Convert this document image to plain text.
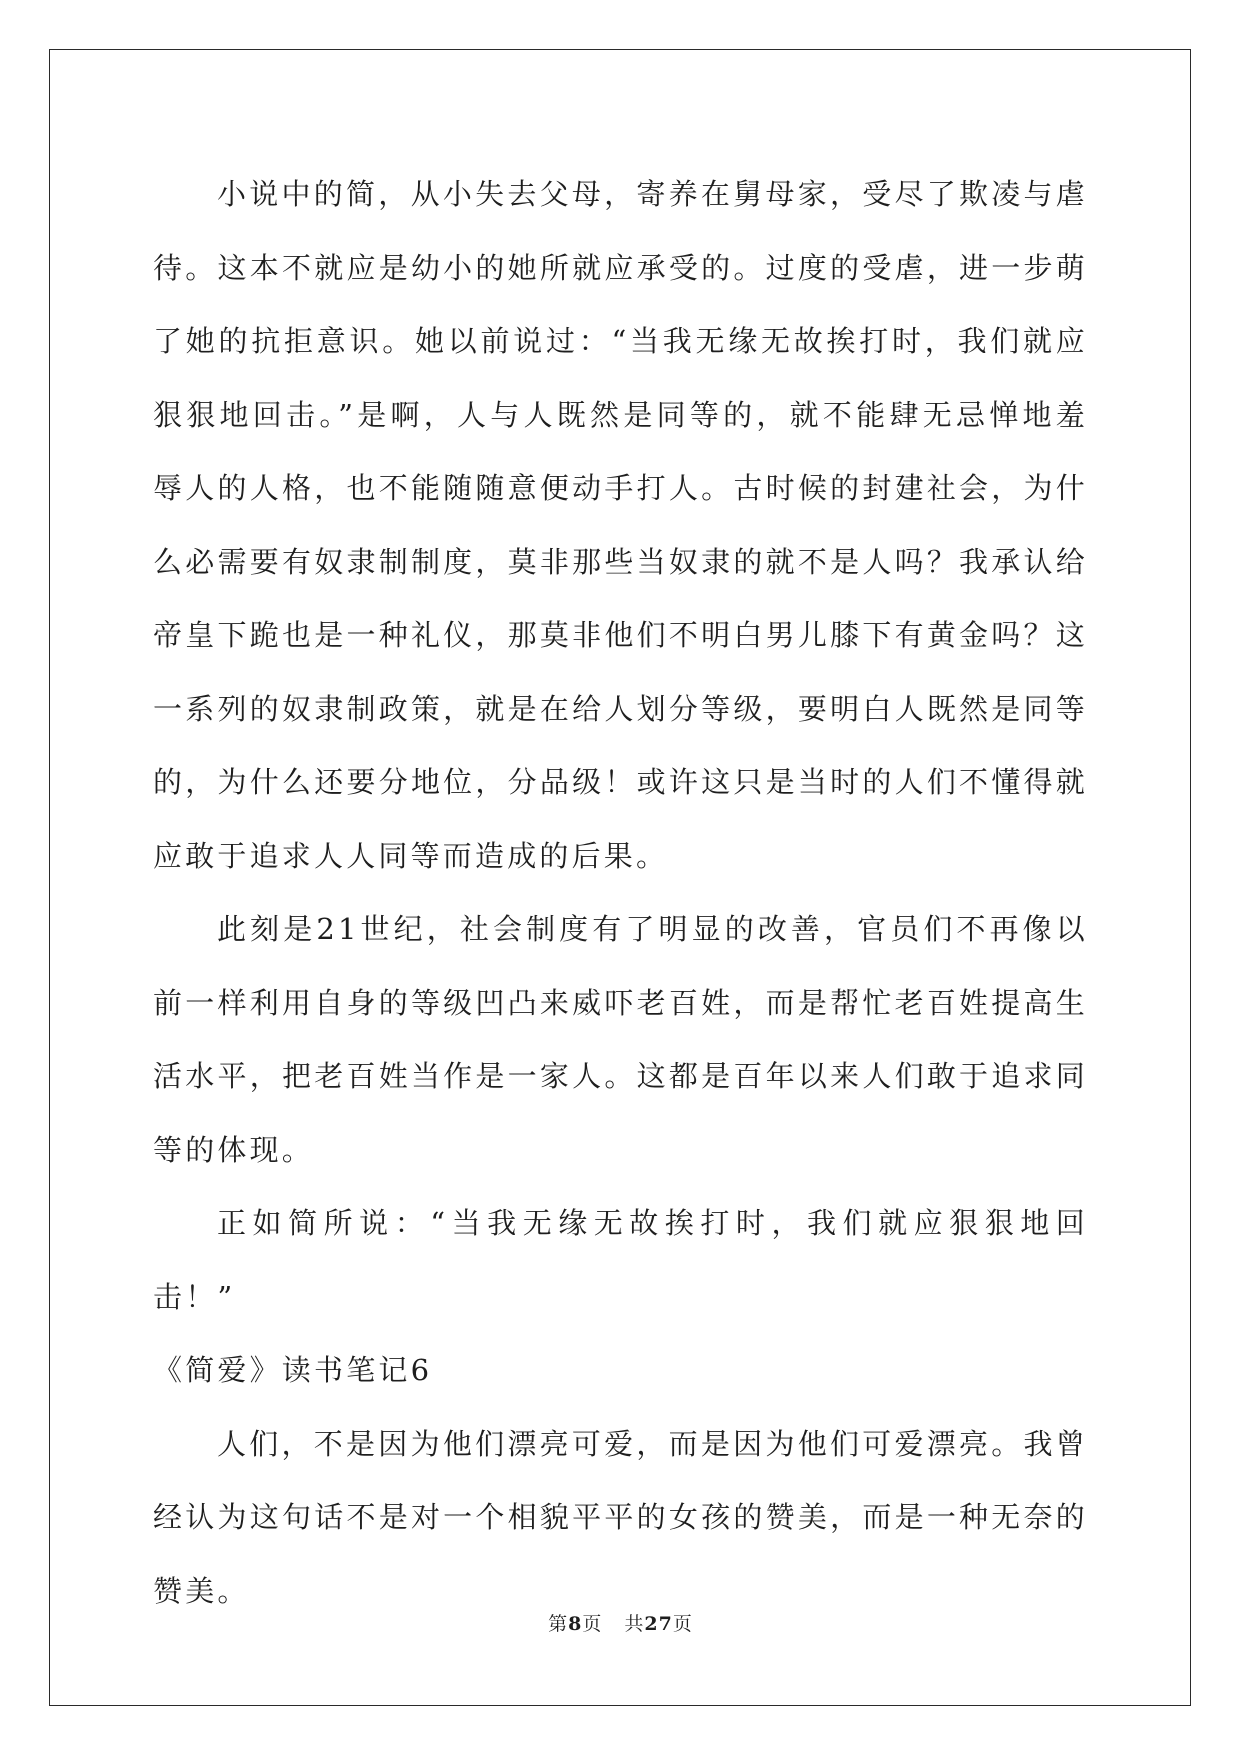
小说中的简，从小失去父母，寄养在舅母家，受尽了欺凌与虐待。这本不就应是幼小的她所就应承受的。过度的受虐，进一步萌了她的抗拒意识。她以前说过：“当我无缘无故挨打时，我们就应狠狠地回击。”是啊，人与人既然是同等的，就不能肆无忌惮地羞辱人的人格，也不能随随意便动手打人。古时候的封建社会，为什么必需要有奴隶制制度，莫非那些当奴隶的就不是人吗？我承认给帝皇下跪也是一种礼仪，那莫非他们不明白男儿膝下有黄金吗？这一系列的奴隶制政策，就是在给人划分等级，要明白人既然是同等的，为什么还要分地位，分品级！或许这只是当时的人们不懂得就应敢于追求人人同等而造成的后果。

此刻是21世纪，社会制度有了明显的改善，官员们不再像以前一样利用自身的等级凹凸来威吓老百姓，而是帮忙老百姓提高生活水平，把老百姓当作是一家人。这都是百年以来人们敢于追求同等的体现。

正如简所说：“当我无缘无故挨打时，我们就应狠狠地回击！”

《简爱》读书笔记6

人们，不是因为他们漂亮可爱，而是因为他们可爱漂亮。我曾经认为这句话不是对一个相貌平平的女孩的赞美，而是一种无奈的赞美。

第8页 共27页
